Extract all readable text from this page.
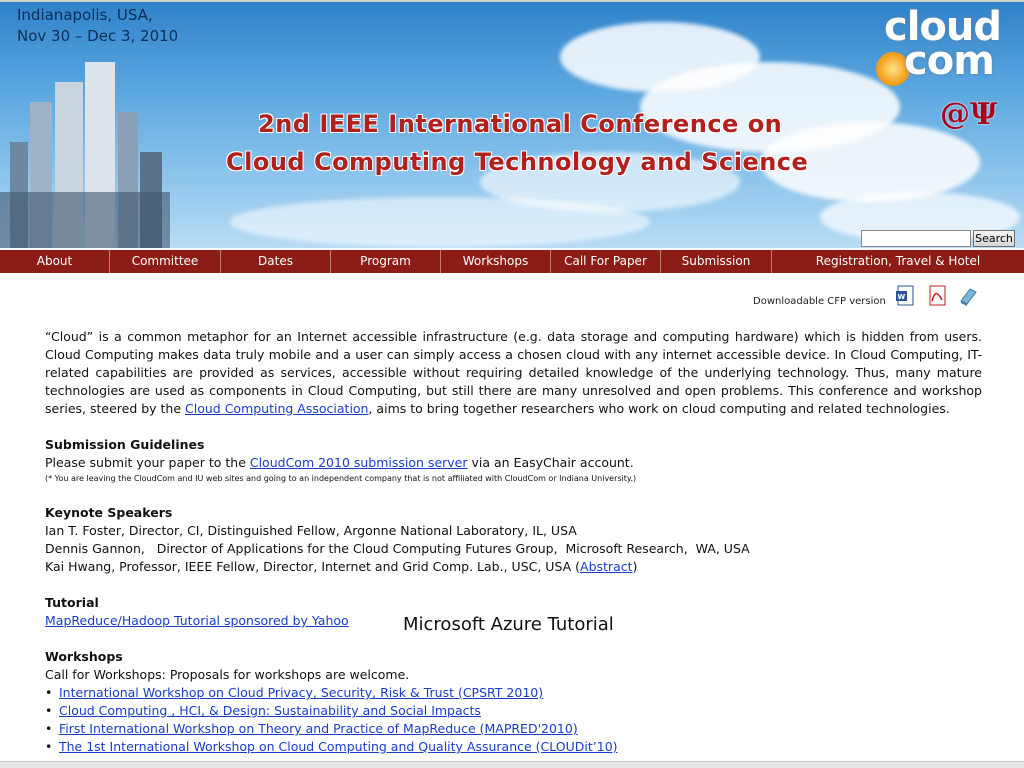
Indianapolis, USA,
Nov 30 – Dec 3, 2010
2nd IEEE International Conference on
Cloud Computing Technology and Science
cloud
com
@Ψ
Search
About	Committee	Dates	Program	Workshops	Call For Paper	Submission	Registration, Travel & Hotel
Downloadable CFP version W

“Cloud” is a common metaphor for an Internet accessible infrastructure (e.g. data storage and computing hardware) which is hidden from users. Cloud Computing makes data truly mobile and a user can simply access a chosen cloud with any internet accessible device. In Cloud Computing, IT-related capabilities are provided as services, accessible without requiring detailed knowledge of the underlying technology. Thus, many mature technologies are used as components in Cloud Computing, but still there are many unresolved and open problems. This conference and workshop series, steered by the Cloud Computing Association, aims to bring together researchers who work on cloud computing and related technologies.

Submission Guidelines

Please submit your paper to the CloudCom 2010 submission server via an EasyChair account.

(* You are leaving the CloudCom and IU web sites and going to an independent company that is not affiliated with CloudCom or Indiana University.)

Keynote Speakers

Ian T. Foster, Director, CI, Distinguished Fellow, Argonne National Laboratory, IL, USA

Dennis Gannon,   Director of Applications for the Cloud Computing Futures Group,  Microsoft Research,  WA, USA

Kai Hwang, Professor, IEEE Fellow, Director, Internet and Grid Comp. Lab., USC, USA (Abstract)

Tutorial

MapReduce/Hadoop Tutorial sponsored by Yahoo

Workshops

Call for Workshops: Proposals for workshops are welcome.

• International Workshop on Cloud Privacy, Security, Risk & Trust (CPSRT 2010)
• Cloud Computing , HCI, & Design: Sustainability and Social Impacts
• First International Workshop on Theory and Practice of MapReduce (MAPRED'2010)
• The 1st International Workshop on Cloud Computing and Quality Assurance (CLOUDit’10)
Microsoft Azure Tutorial
